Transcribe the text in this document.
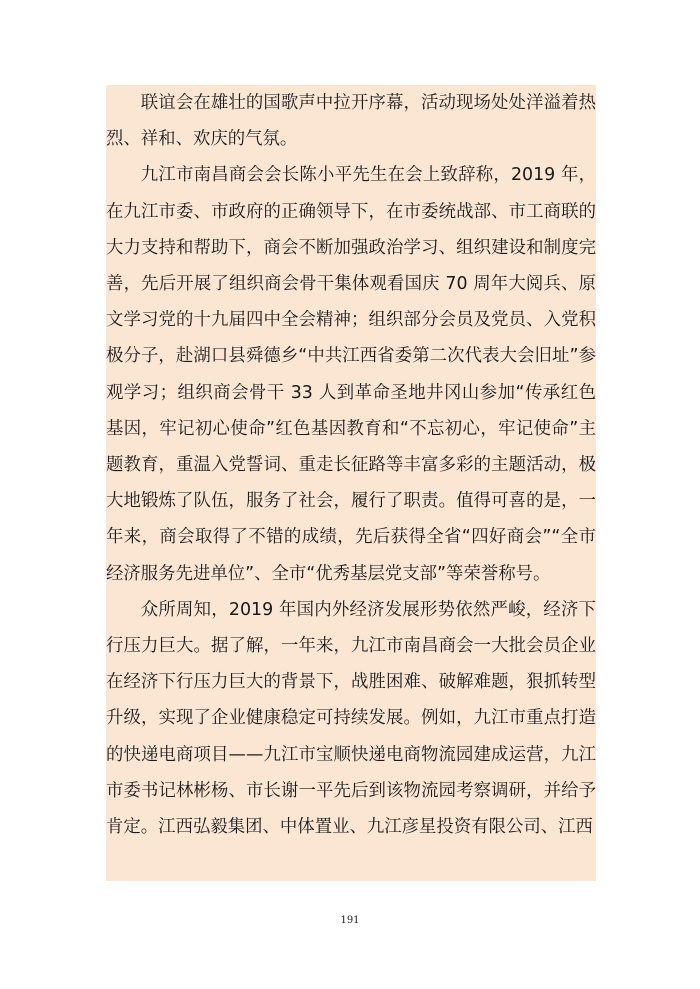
联谊会在雄壮的国歌声中拉开序幕，活动现场处处洋溢着热烈、祥和、欢庆的气氛。

九江市南昌商会会长陈小平先生在会上致辞称，2019 年，在九江市委、市政府的正确领导下，在市委统战部、市工商联的大力支持和帮助下，商会不断加强政治学习、组织建设和制度完善，先后开展了组织商会骨干集体观看国庆 70 周年大阅兵、原文学习党的十九届四中全会精神；组织部分会员及党员、入党积极分子，赴湖口县舜德乡“中共江西省委第二次代表大会旧址”参观学习；组织商会骨干 33 人到革命圣地井冈山参加“传承红色基因，牢记初心使命”红色基因教育和“不忘初心，牢记使命”主题教育，重温入党誓词、重走长征路等丰富多彩的主题活动，极大地锻炼了队伍，服务了社会，履行了职责。值得可喜的是，一年来，商会取得了不错的成绩，先后获得全省“四好商会”“全市经济服务先进单位”、全市“优秀基层党支部”等荣誉称号。

众所周知，2019 年国内外经济发展形势依然严峻，经济下行压力巨大。据了解，一年来，九江市南昌商会一大批会员企业在经济下行压力巨大的背景下，战胜困难、破解难题，狠抓转型升级，实现了企业健康稳定可持续发展。例如，九江市重点打造的快递电商项目——九江市宝顺快递电商物流园建成运营，九江市委书记林彬杨、市长谢一平先后到该物流园考察调研，并给予肯定。江西弘毅集团、中体置业、九江彦星投资有限公司、江西

191
